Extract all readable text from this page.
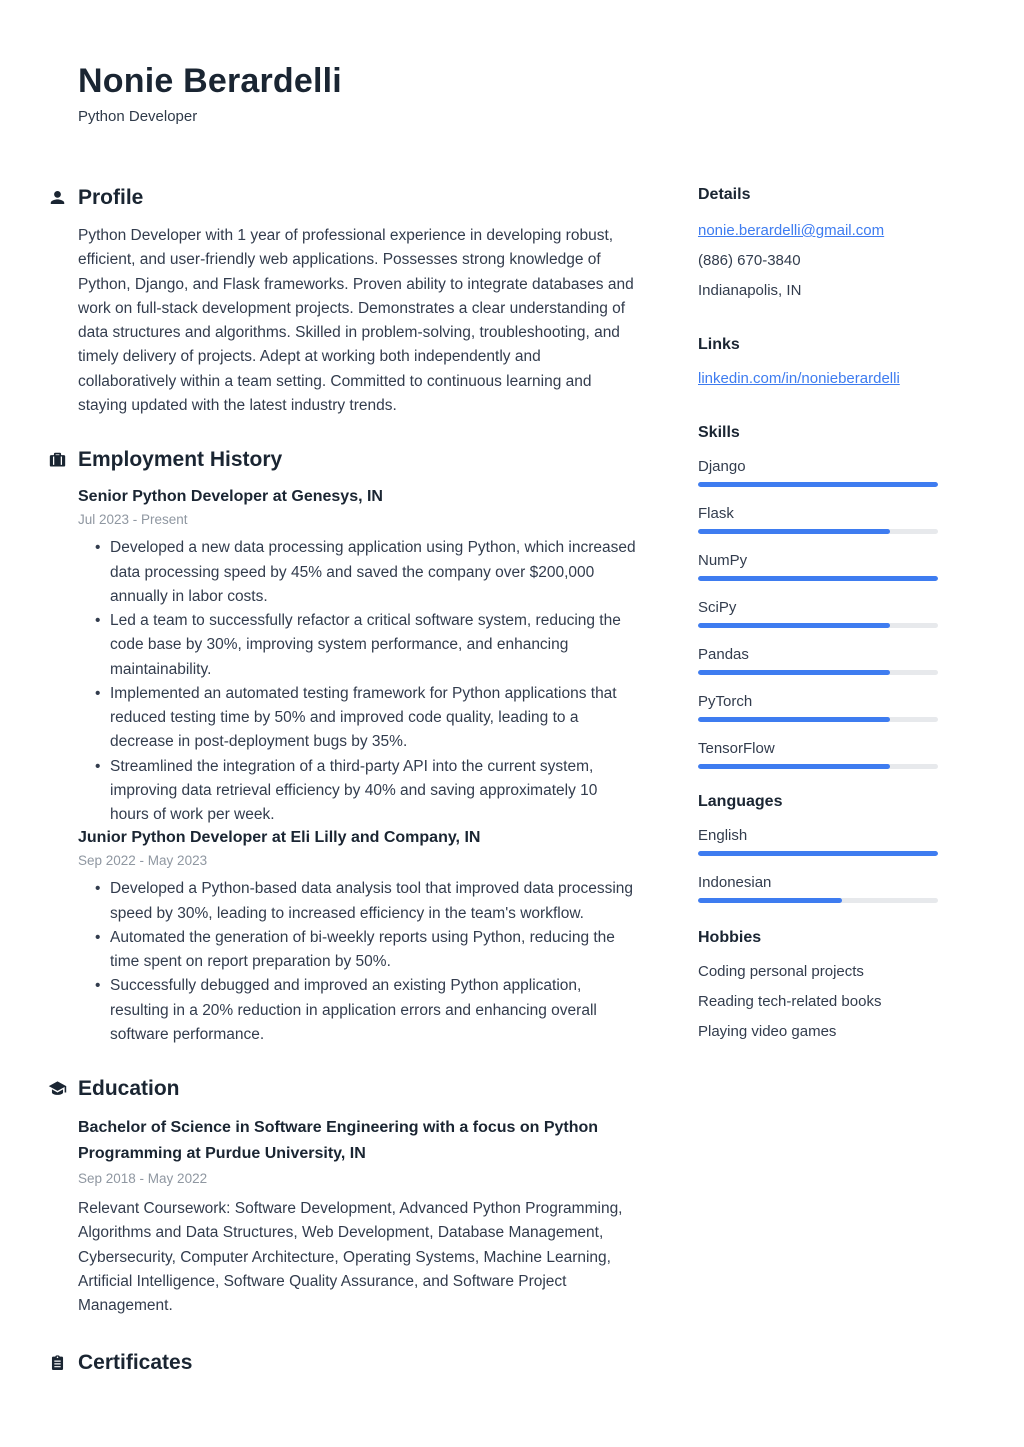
Nonie Berardelli
Python Developer
Profile

Python Developer with 1 year of professional experience in developing robust, efficient, and user-friendly web applications. Possesses strong knowledge of Python, Django, and Flask frameworks. Proven ability to integrate databases and work on full-stack development projects. Demonstrates a clear understanding of data structures and algorithms. Skilled in problem-solving, troubleshooting, and timely delivery of projects. Adept at working both independently and collaboratively within a team setting. Committed to continuous learning and staying updated with the latest industry trends.

Employment History
Senior Python Developer at Genesys, IN
Jul 2023 - Present
• Developed a new data processing application using Python, which increased data processing speed by 45% and saved the company over $200,000 annually in labor costs.
• Led a team to successfully refactor a critical software system, reducing the code base by 30%, improving system performance, and enhancing maintainability.
• Implemented an automated testing framework for Python applications that reduced testing time by 50% and improved code quality, leading to a decrease in post-deployment bugs by 35%.
• Streamlined the integration of a third-party API into the current system, improving data retrieval efficiency by 40% and saving approximately 10 hours of work per week.
Junior Python Developer at Eli Lilly and Company, IN
Sep 2022 - May 2023
• Developed a Python-based data analysis tool that improved data processing speed by 30%, leading to increased efficiency in the team's workflow.
• Automated the generation of bi-weekly reports using Python, reducing the time spent on report preparation by 50%.
• Successfully debugged and improved an existing Python application, resulting in a 20% reduction in application errors and enhancing overall software performance.
Education
Bachelor of Science in Software Engineering with a focus on Python Programming at Purdue University, IN
Sep 2018 - May 2022

Relevant Coursework: Software Development, Advanced Python Programming, Algorithms and Data Structures, Web Development, Database Management, Cybersecurity, Computer Architecture, Operating Systems, Machine Learning, Artificial Intelligence, Software Quality Assurance, and Software Project Management.

Certificates
Details
nonie.berardelli@gmail.com
(886) 670-3840
Indianapolis, IN
Links
linkedin.com/in/nonieberardelli
Skills
Django
Flask
NumPy
SciPy
Pandas
PyTorch
TensorFlow
Languages
English
Indonesian
Hobbies
Coding personal projects
Reading tech-related books
Playing video games
